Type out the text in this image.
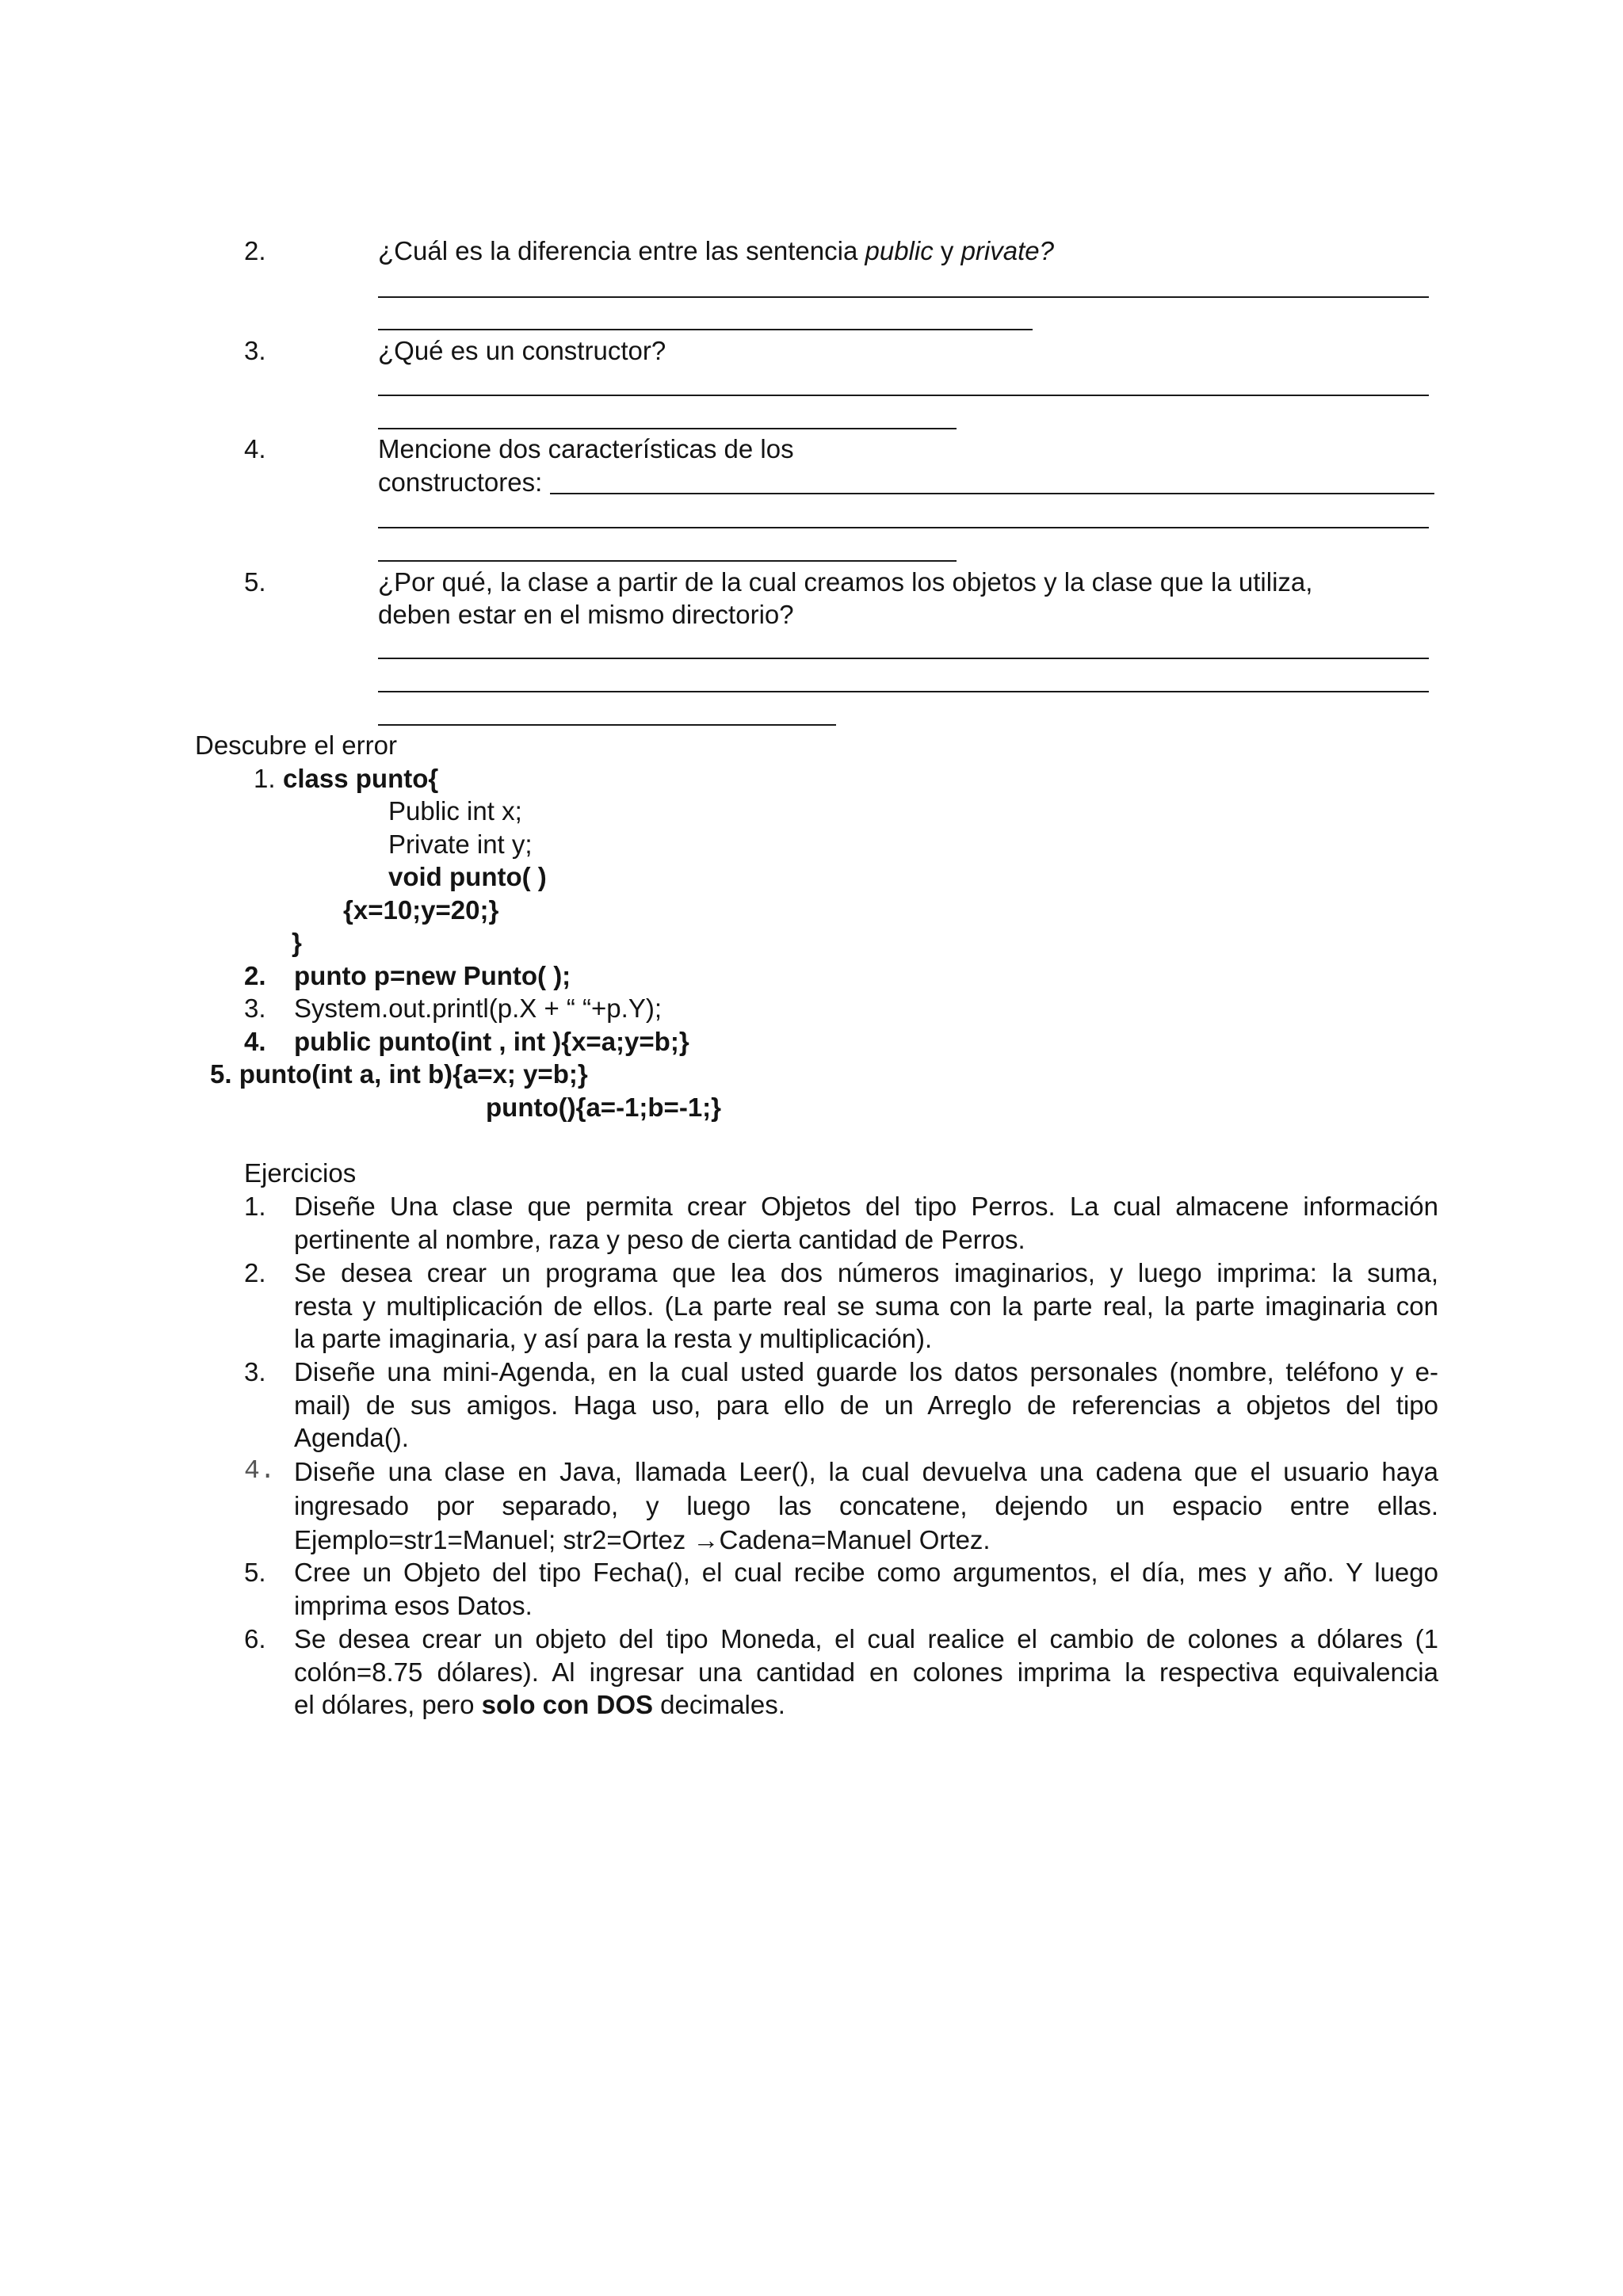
2.	¿Cuál es la diferencia entre las sentencia public y private?
3.	¿Qué es un constructor?
4.	Mencione dos características de los
constructores:
5.	¿Por qué, la clase a partir de la cual creamos los objetos y la clase que la utiliza,
deben estar en el mismo directorio?
Descubre el error
1. class punto{
Public int x;
Private int y;
void punto( )
{x=10;y=20;}
}
2. punto p=new Punto( );
3. System.out.printl(p.X + “ “+p.Y);
4. public punto(int , int ){x=a;y=b;}
5. punto(int a, int b){a=x; y=b;}
punto(){a=-1;b=-1;}
Ejercicios
1. Diseñe Una clase que permita crear Objetos del tipo Perros. La cual almacene información
pertinente al nombre, raza y peso de cierta cantidad de Perros.
2. Se desea crear un programa que lea dos números imaginarios, y luego imprima: la suma,
resta y multiplicación de ellos. (La parte real se suma con la parte real, la parte imaginaria con
la parte imaginaria, y así para la resta y multiplicación).
3. Diseñe una mini-Agenda, en la cual usted guarde los datos personales (nombre, teléfono y e-
mail) de sus amigos. Haga uso, para ello de un Arreglo de referencias a objetos del tipo
Agenda().
4. Diseñe una clase en Java, llamada Leer(), la cual devuelva una cadena que el usuario haya
ingresado por separado, y luego las concatene, dejendo un espacio entre ellas.
Ejemplo=str1=Manuel; str2=Ortez →Cadena=Manuel Ortez.
5. Cree un Objeto del tipo Fecha(), el cual recibe como argumentos, el día, mes y año. Y luego
imprima esos Datos.
6. Se desea crear un objeto del tipo Moneda, el cual realice el cambio de colones a dólares (1
colón=8.75 dólares). Al ingresar una cantidad en colones imprima la respectiva equivalencia
el dólares, pero solo con DOS decimales.
